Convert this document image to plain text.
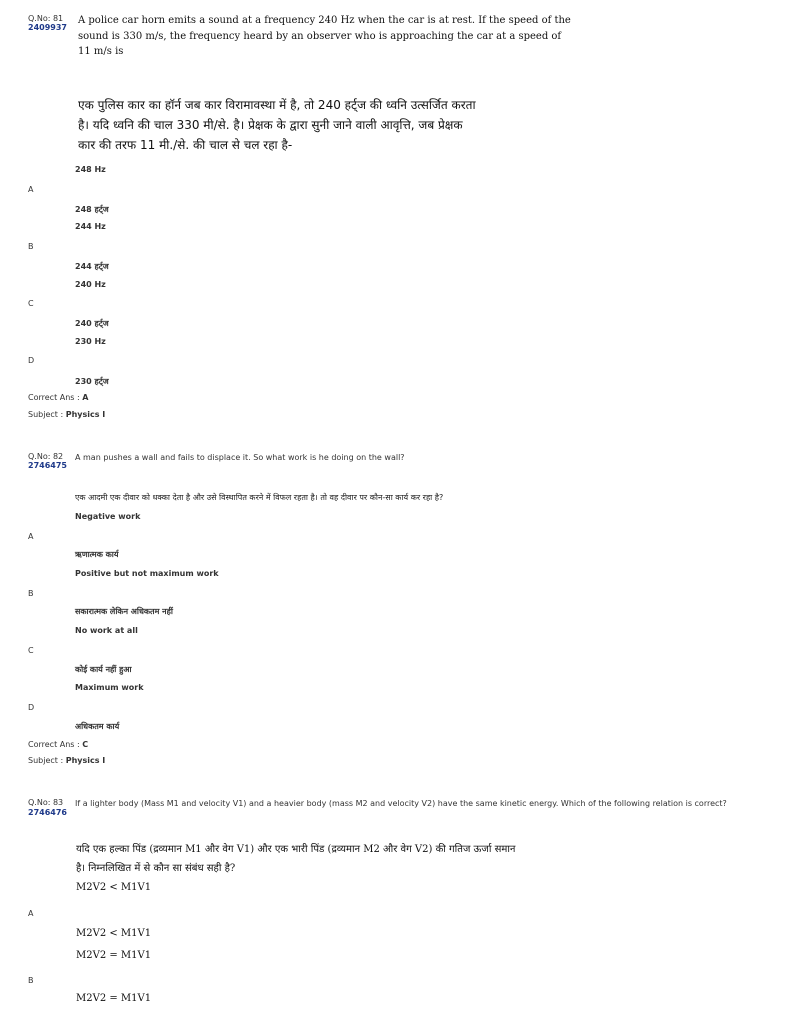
Q.No: 81
2409937
A police car horn emits a sound at a frequency 240 Hz when the car is at rest. If the speed of the
sound is 330 m/s, the frequency heard by an observer who is approaching the car at a speed of
11 m/s is
एक पुलिस कार का हॉर्न जब कार विरामावस्था में है, तो 240 हर्ट्ज की ध्वनि उत्सर्जित करता
है। यदि ध्वनि की चाल 330 मी/से. है। प्रेक्षक के द्वारा सुनी जाने वाली आवृत्ति, जब प्रेक्षक
कार की तरफ 11 मी./से. की चाल से चल रहा है-
248 Hz
A
248 हर्ट्ज
244 Hz
B
244 हर्ट्ज
240 Hz
C
240 हर्ट्ज
230 Hz
D
230 हर्ट्ज
Correct Ans : A
Subject : Physics I
Q.No: 82
2746475
A man pushes a wall and fails to displace it. So what work is he doing on the wall?
एक आदमी एक दीवार को धक्का देता है और उसे विस्थापित करने में विफल रहता है। तो वह दीवार पर कौन-सा कार्य कर रहा है?
Negative work
A
ऋणात्मक कार्य
Positive but not maximum work
B
सकारात्मक लेकिन अधिकतम नहीं
No work at all
C
कोई कार्य नहीं हुआ
Maximum work
D
अधिकतम कार्य
Correct Ans : C
Subject : Physics I
Q.No: 83
2746476
If a lighter body (Mass M1 and velocity V1) and a heavier body (mass M2 and velocity V2) have the same kinetic energy. Which of the following relation is correct?
यदि एक हल्का पिंड (द्रव्यमान M1 और वेग V1) और एक भारी पिंड (द्रव्यमान M2 और वेग V2) की गतिज ऊर्जा समान
है। निम्नलिखित में से कौन सा संबंध सही है?
M2V2 < M1V1
A
M2V2 < M1V1
M2V2 = M1V1
B
M2V2 = M1V1
